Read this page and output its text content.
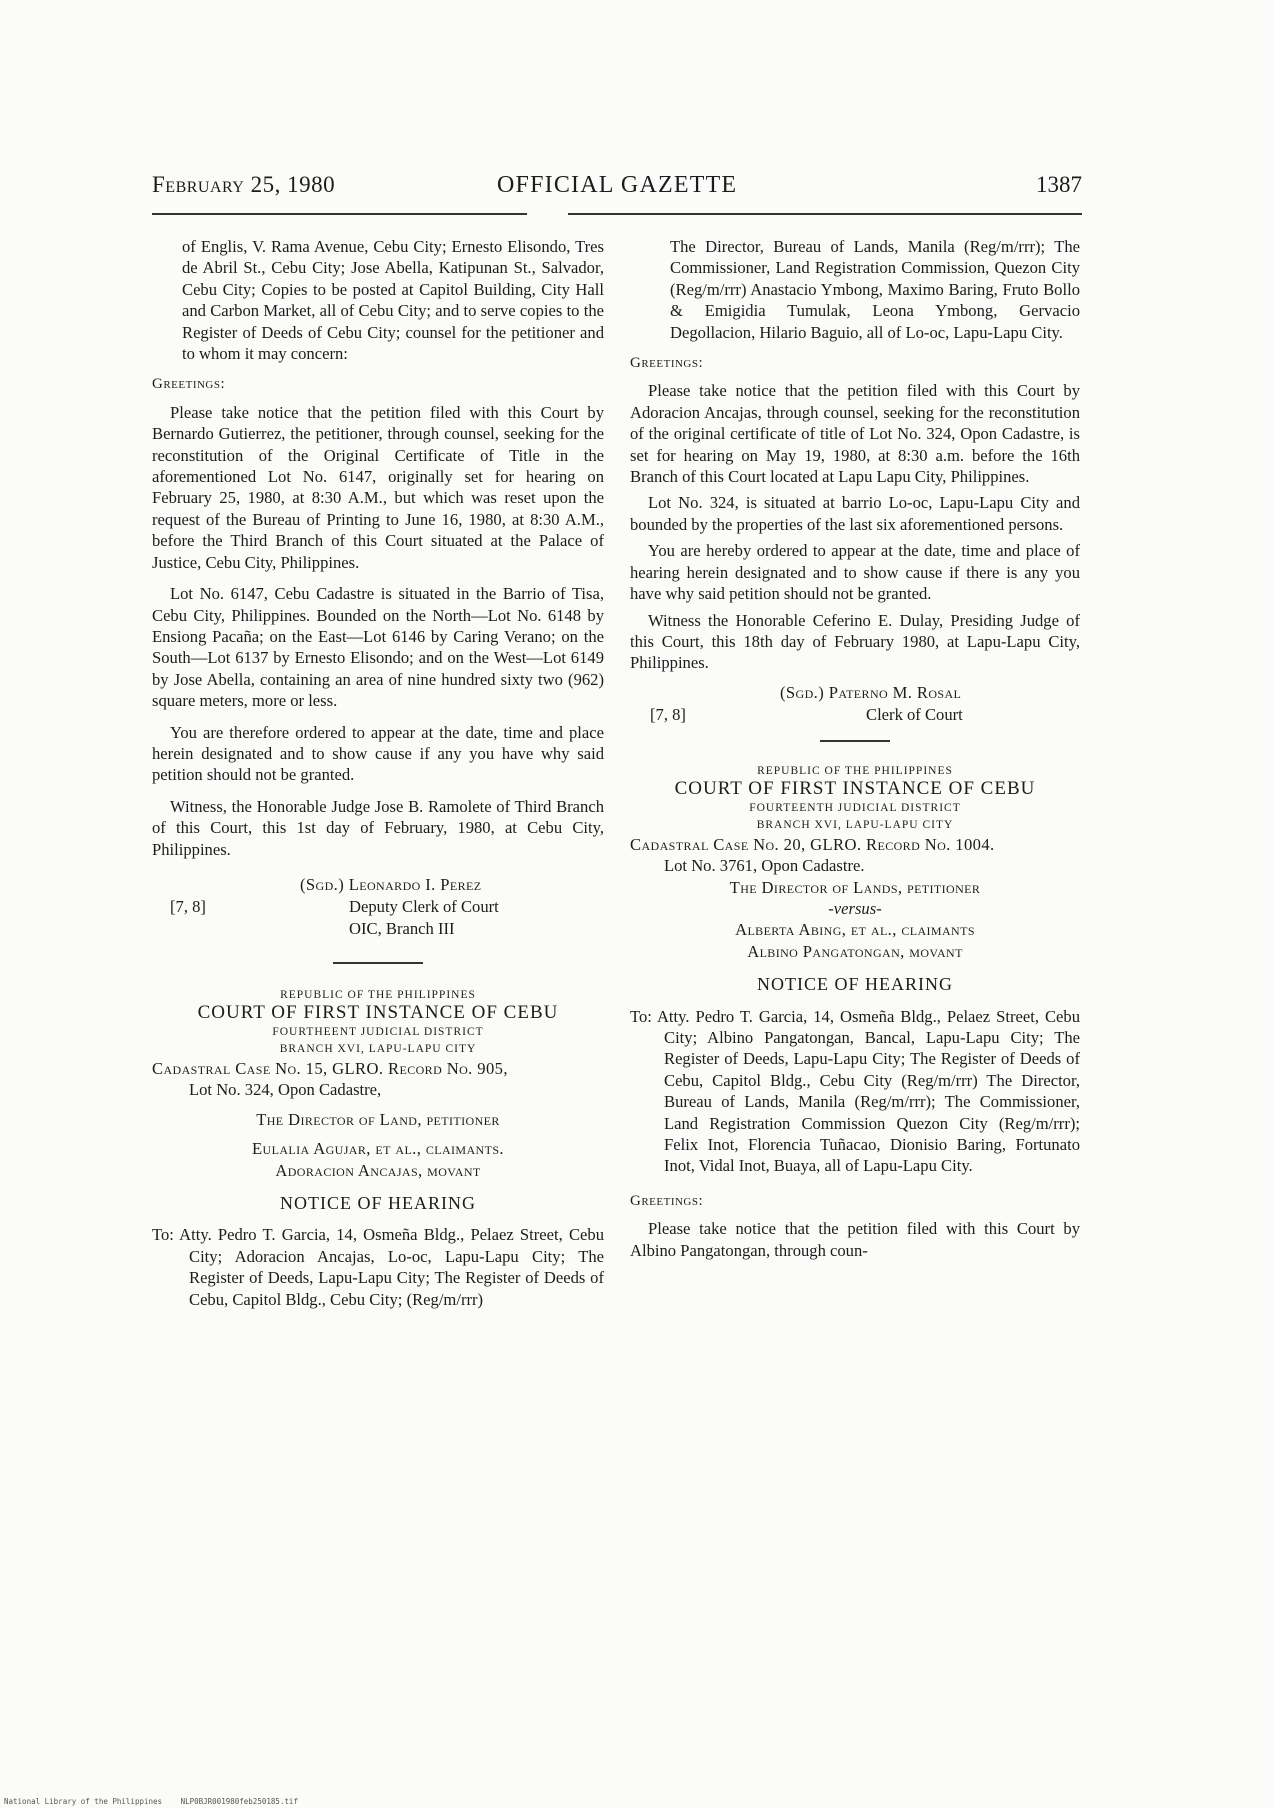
February 25, 1980	OFFICIAL GAZETTE	1387

of Englis, V. Rama Avenue, Cebu City; Ernesto Elisondo, Tres de Abril St., Cebu City; Jose Abella, Katipunan St., Salvador, Cebu City; Copies to be posted at Capitol Building, City Hall and Carbon Market, all of Cebu City; and to serve copies to the Register of Deeds of Cebu City; counsel for the petitioner and to whom it may concern:

Greetings:

Please take notice that the petition filed with this Court by Bernardo Gutierrez, the petitioner, through counsel, seeking for the reconstitution of the Original Certificate of Title in the aforementioned Lot No. 6147, originally set for hearing on February 25, 1980, at 8:30 A.M., but which was reset upon the request of the Bureau of Printing to June 16, 1980, at 8:30 A.M., before the Third Branch of this Court situated at the Palace of Justice, Cebu City, Philippines.

Lot No. 6147, Cebu Cadastre is situated in the Barrio of Tisa, Cebu City, Philippines. Bounded on the North—Lot No. 6148 by Ensiong Pacaña; on the East—Lot 6146 by Caring Verano; on the South—Lot 6137 by Ernesto Elisondo; and on the West—Lot 6149 by Jose Abella, containing an area of nine hundred sixty two (962) square meters, more or less.

You are therefore ordered to appear at the date, time and place herein designated and to show cause if any you have why said petition should not be granted.

Witness, the Honorable Judge Jose B. Ramolete of Third Branch of this Court, this 1st day of February, 1980, at Cebu City, Philippines.

[7, 8]
(Sgd.) Leonardo I. Perez
Deputy Clerk of Court
OIC, Branch III
REPUBLIC OF THE PHILIPPINES
COURT OF FIRST INSTANCE OF CEBU
FOURTHEENT JUDICIAL DISTRICT
BRANCH XVI, LAPU-LAPU CITY

Cadastral Case No. 15, GLRO. Record No. 905,

Lot No. 324, Opon Cadastre,

The Director of Land, petitioner

Eulalia Agujar, et al., claimants.

Adoracion Ancajas, movant

NOTICE OF HEARING

To: Atty. Pedro T. Garcia, 14, Osmeña Bldg., Pelaez Street, Cebu City; Adoracion Ancajas, Lo-oc, Lapu-Lapu City; The Register of Deeds, Lapu-Lapu City; The Register of Deeds of Cebu, Capitol Bldg., Cebu City; (Reg/m/rrr)

The Director, Bureau of Lands, Manila (Reg/m/rrr); The Commissioner, Land Registration Commission, Quezon City (Reg/m/rrr) Anastacio Ymbong, Maximo Baring, Fruto Bollo & Emigidia Tumulak, Leona Ymbong, Gervacio Degollacion, Hilario Baguio, all of Lo-oc, Lapu-Lapu City.

Greetings:

Please take notice that the petition filed with this Court by Adoracion Ancajas, through counsel, seeking for the reconstitution of the original certificate of title of Lot No. 324, Opon Cadastre, is set for hearing on May 19, 1980, at 8:30 a.m. before the 16th Branch of this Court located at Lapu Lapu City, Philippines.

Lot No. 324, is situated at barrio Lo-oc, Lapu-Lapu City and bounded by the properties of the last six aforementioned persons.

You are hereby ordered to appear at the date, time and place of hearing herein designated and to show cause if there is any you have why said petition should not be granted.

Witness the Honorable Ceferino E. Dulay, Presiding Judge of this Court, this 18th day of February 1980, at Lapu-Lapu City, Philippines.

(Sgd.) Paterno M. Rosal
[7, 8]	Clerk of Court
REPUBLIC OF THE PHILIPPINES
COURT OF FIRST INSTANCE OF CEBU
FOURTEENTH JUDICIAL DISTRICT
BRANCH XVI, LAPU-LAPU CITY

Cadastral Case No. 20, GLRO. Record No. 1004.

Lot No. 3761, Opon Cadastre.

The Director of Lands, petitioner

-versus-

Alberta Abing, et al., claimants

Albino Pangatongan, movant

NOTICE OF HEARING

To: Atty. Pedro T. Garcia, 14, Osmeña Bldg., Pelaez Street, Cebu City; Albino Pangatongan, Bancal, Lapu-Lapu City; The Register of Deeds, Lapu-Lapu City; The Register of Deeds of Cebu, Capitol Bldg., Cebu City (Reg/m/rrr) The Director, Bureau of Lands, Manila (Reg/m/rrr); The Commissioner, Land Registration Commission Quezon City (Reg/m/rrr); Felix Inot, Florencia Tuñacao, Dionisio Baring, Fortunato Inot, Vidal Inot, Buaya, all of Lapu-Lapu City.

Greetings:

Please take notice that the petition filed with this Court by Albino Pangatongan, through coun-

National Library of the Philippines NLP0BJR001980feb250185.tif
